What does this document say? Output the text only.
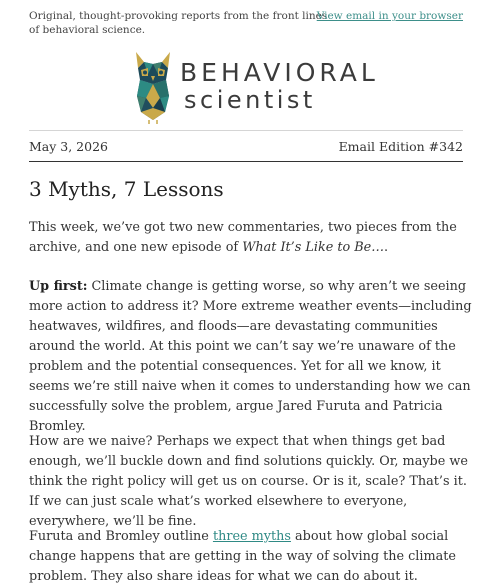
Original, thought-provoking reports from the front lines of behavioral science.
View email in your browser
BEHAVIORAL
scientist
May 3, 2026	Email Edition #342
3 Myths, 7 Lessons

This week, we’ve got two new commentaries, two pieces from the archive, and one new episode of What It’s Like to Be….

Up first: Climate change is getting worse, so why aren’t we seeing more action to address it? More extreme weather events—including heatwaves, wildfires, and floods—are devastating communities around the world. At this point we can’t say we’re unaware of the problem and the potential consequences. Yet for all we know, it seems we’re still naive when it comes to understanding how we can successfully solve the problem, argue Jared Furuta and Patricia Bromley.

How are we naive? Perhaps we expect that when things get bad enough, we’ll buckle down and find solutions quickly. Or, maybe we think the right policy will get us on course. Or is it, scale? That’s it. If we can just scale what’s worked elsewhere to everyone, everywhere, we’ll be fine.

Furuta and Bromley outline three myths about how global social change happens that are getting in the way of solving the climate problem. They also share ideas for what we can do about it.
